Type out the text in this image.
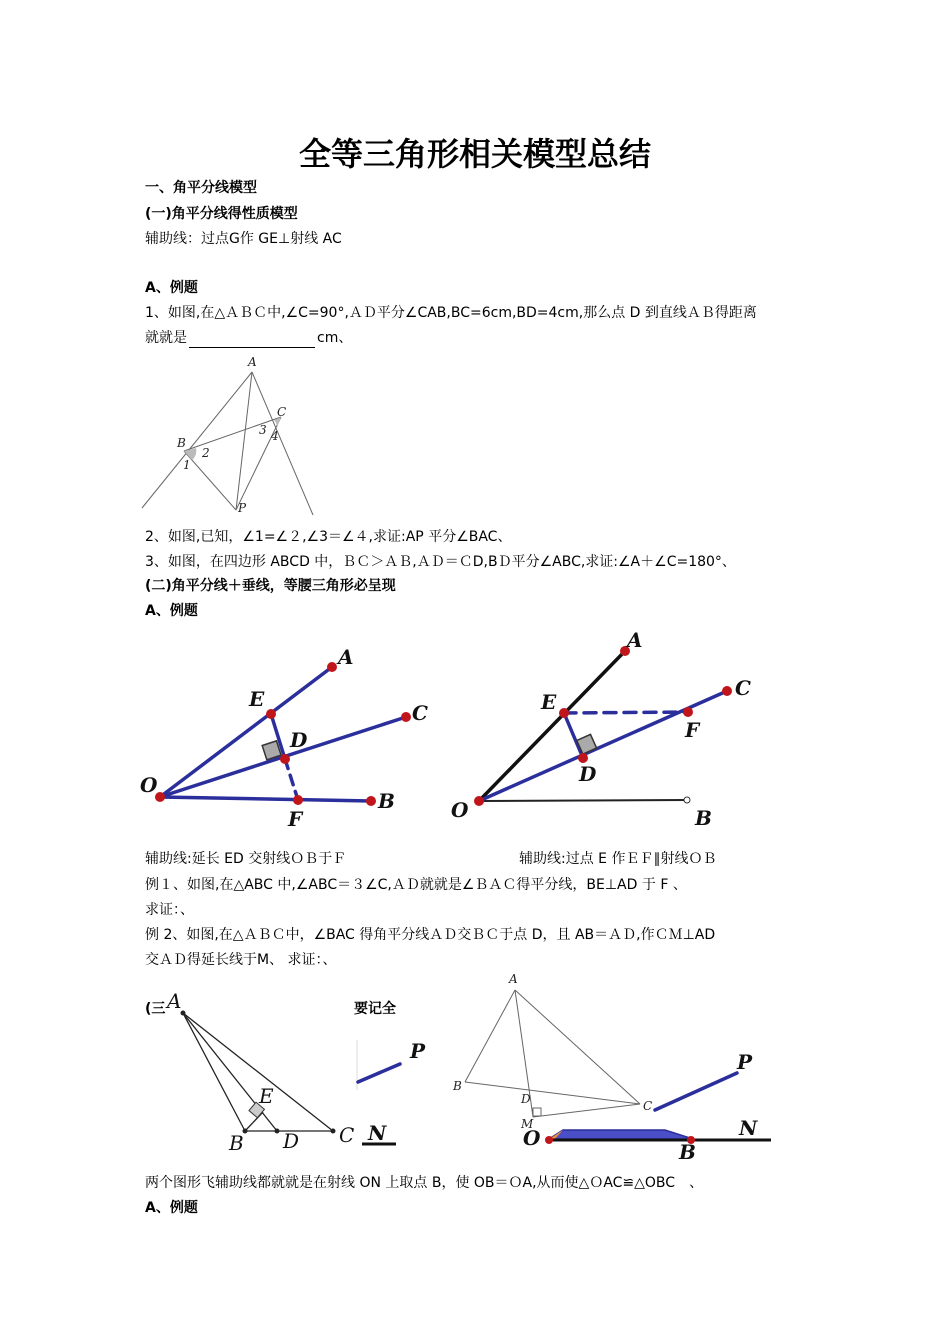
全等三角形相关模型总结
一、角平分线模型
(一)角平分线得性质模型
辅助线：过点G作 GE⊥射线 AC
A、例题
1、如图,在△ＡＢＣ中,∠C=90°,ＡＤ平分∠CAB,BC=6cm,BD=4cm,那么点 D 到直线ＡＢ得距离
就就是	cm、
A
C
B
3 4
1
2
P
2、如图,已知，∠1=∠２,∠3＝∠４,求证:AP 平分∠BAC、
3、如图，在四边形 ABCD 中，ＢＣ＞ＡＢ,ＡＤ＝ＣD,BＤ平分∠ABC,求证:∠A＋∠C=180°、
(二)角平分线＋垂线，等腰三角形必呈现
A、例题
A
E
C
D
O
F
B
A
C
E
F
D
O	B
辅助线:延长 ED 交射线ＯＢ于Ｆ	辅助线:过点 E 作ＥＦ∥射线ＯＢ
例１、如图,在△ABC 中,∠ABC＝３∠C,ＡＤ就就是∠ＢＡＣ得平分线，BE⊥AD 于 F 、
求证：、
例 2、如图,在△ＡＢＣ中，∠BAC 得角平分线ＡＤ交ＢＣ于点 D，且 AB＝ＡＤ,作ＣＭ⊥AD
交ＡＤ得延长线于M、 求证：、
(三	要记全
A
E
B D C
P
A
B
D	C
M
P
O
B
N
N
两个图形飞辅助线都就就是在射线 ON 上取点 B，使 OB＝ＯA,从而使△ＯAC≌△OBC　、
A、例题
